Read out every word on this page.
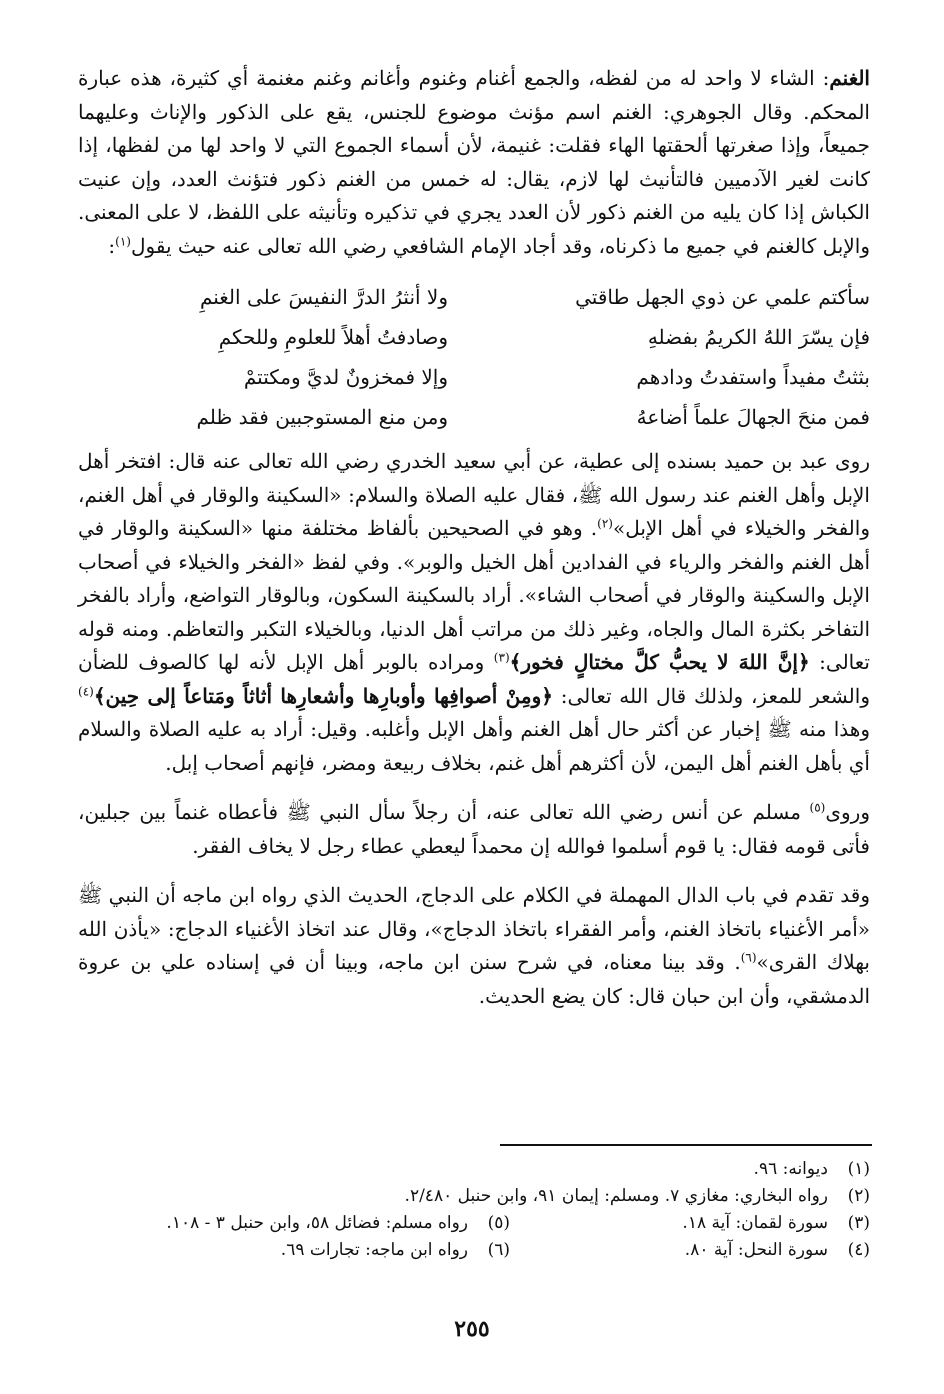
الغنم: الشاء لا واحد له من لفظه، والجمع أغنام وغنوم وأغانم وغنم مغنمة أي كثيرة، هذه عبارة المحكم. وقال الجوهري: الغنم اسم مؤنث موضوع للجنس، يقع على الذكور والإناث وعليهما جميعاً، وإذا صغرتها ألحقتها الهاء فقلت: غنيمة، لأن أسماء الجموع التي لا واحد لها من لفظها، إذا كانت لغير الآدميين فالتأنيث لها لازم، يقال: له خمس من الغنم ذكور فتؤنث العدد، وإن عنيت الكباش إذا كان يليه من الغنم ذكور لأن العدد يجري في تذكيره وتأنيثه على اللفظ، لا على المعنى. والإبل كالغنم في جميع ما ذكرناه، وقد أجاد الإمام الشافعي رضي الله تعالى عنه حيث يقول$^{(١)}$:

سأكتم علمي عن ذوي الجهل طاقتي
ولا أنثرُ الدرَّ النفيسَ على الغنمِ
فإن يسّرَ اللهُ الكريمُ بفضلهِ
وصادفتُ أهلاً للعلومِ وللحكمِ
بثثتُ مفيداً واستفدتُ ودادهم
وإلا فمخزونٌ لديَّ ومكتتمْ
فمن منحَ الجهالَ علماً أضاعهُ
ومن منع المستوجبين فقد ظلم

روى عبد بن حميد بسنده إلى عطية، عن أبي سعيد الخدري رضي الله تعالى عنه قال: افتخر أهل الإبل وأهل الغنم عند رسول الله ﷺ، فقال عليه الصلاة والسلام: «السكينة والوقار في أهل الغنم، والفخر والخيلاء في أهل الإبل»$^{(٢)}$. وهو في الصحيحين بألفاظ مختلفة منها «السكينة والوقار في أهل الغنم والفخر والرياء في الفدادين أهل الخيل والوبر». وفي لفظ «الفخر والخيلاء في أصحاب الإبل والسكينة والوقار في أصحاب الشاء». أراد بالسكينة السكون، وبالوقار التواضع، وأراد بالفخر التفاخر بكثرة المال والجاه، وغير ذلك من مراتب أهل الدنيا، وبالخيلاء التكبر والتعاظم. ومنه قوله تعالى: ﴿إنَّ اللهَ لا يحبُّ كلَّ مختالٍ فخور﴾$^{(٣)}$ ومراده بالوبر أهل الإبل لأنه لها كالصوف للضأن والشعر للمعز، ولذلك قال الله تعالى: ﴿ومِنْ أصوافِها وأوبارِها وأشعارِها أثاثاً ومَتاعاً إلى حِين﴾$^{(٤)}$ وهذا منه ﷺ إخبار عن أكثر حال أهل الغنم وأهل الإبل وأغلبه. وقيل: أراد به عليه الصلاة والسلام أي بأهل الغنم أهل اليمن، لأن أكثرهم أهل غنم، بخلاف ربيعة ومضر، فإنهم أصحاب إبل.

وروى$^{(٥)}$ مسلم عن أنس رضي الله تعالى عنه، أن رجلاً سأل النبي ﷺ فأعطاه غنماً بين جبلين، فأتى قومه فقال: يا قوم أسلموا فوالله إن محمداً ليعطي عطاء رجل لا يخاف الفقر.

وقد تقدم في باب الدال المهملة في الكلام على الدجاج، الحديث الذي رواه ابن ماجه أن النبي ﷺ «أمر الأغنياء باتخاذ الغنم، وأمر الفقراء باتخاذ الدجاج»، وقال عند اتخاذ الأغنياء الدجاج: «يأذن الله بهلاك القرى»$^{(٦)}$. وقد بينا معناه، في شرح سنن ابن ماجه، وبينا أن في إسناده علي بن عروة الدمشقي، وأن ابن حبان قال: كان يضع الحديث.

(١)ديوانه: ٩٦.
(٢)رواه البخاري: مغازي ٧. ومسلم: إيمان ٩١، وابن حنبل ٢/٤٨٠.
(٣)سورة لقمان: آية ١٨.
(٥)رواه مسلم: فضائل ٥٨، وابن حنبل ٣ - ١٠٨.
(٤)سورة النحل: آية ٨٠.
(٦)رواه ابن ماجه: تجارات ٦٩.
٢٥٥
